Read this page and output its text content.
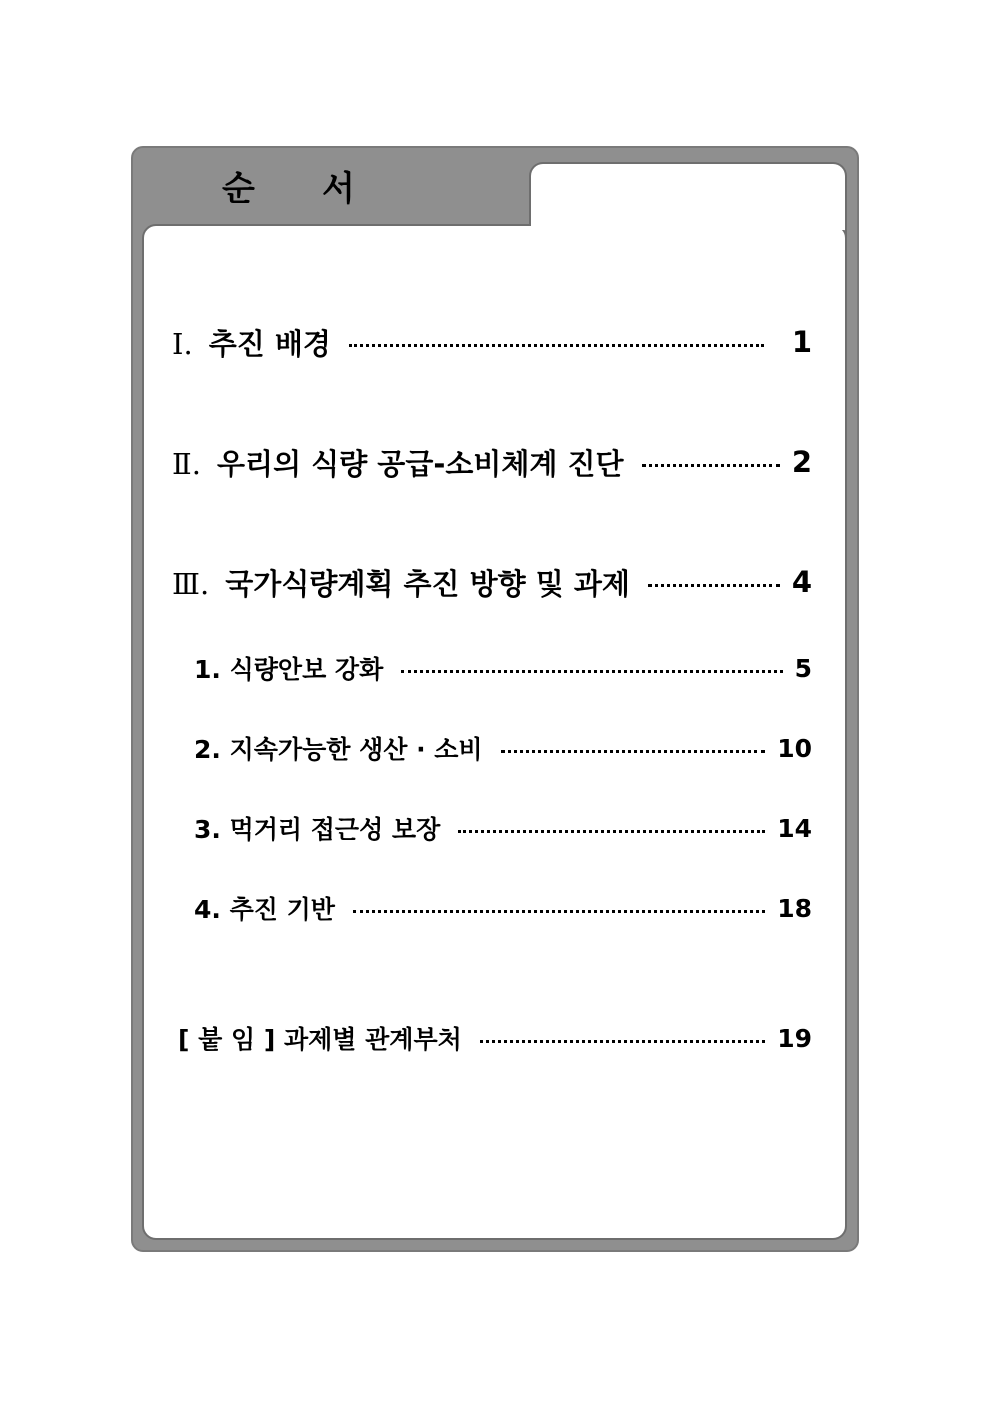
순 서
Ⅰ. 추진 배경	1
Ⅱ. 우리의 식량 공급-소비체계 진단	2
Ⅲ. 국가식량계획 추진 방향 및 과제	4
1. 식량안보 강화	5
2. 지속가능한 생산 · 소비	10
3. 먹거리 접근성 보장	14
4. 추진 기반	18
[ 붙 임 ] 과제별 관계부처	19
